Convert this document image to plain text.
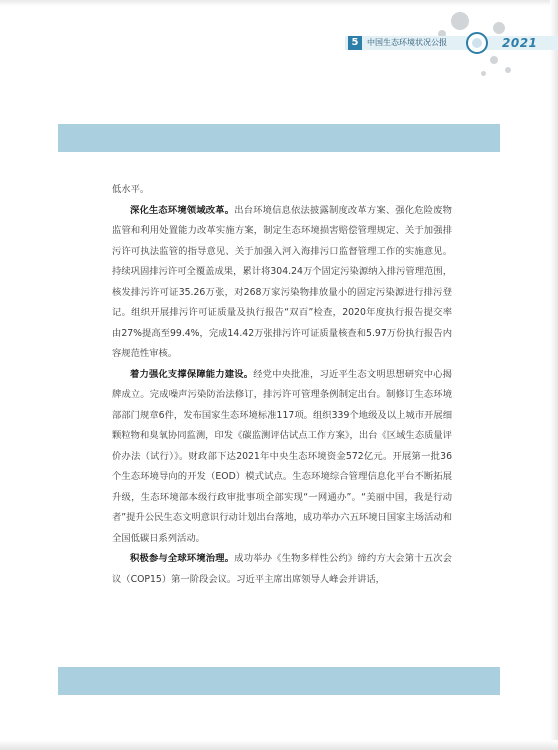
5	中国生态环境状况公报	2021

低水平。

深化生态环境领域改革。出台环境信息依法披露制度改革方案、强化危险废物监管和利用处置能力改革实施方案，制定生态环境损害赔偿管理规定、关于加强排污许可执法监管的指导意见、关于加强入河入海排污口监督管理工作的实施意见。持续巩固排污许可全覆盖成果，累计将304.24万个固定污染源纳入排污管理范围，核发排污许可证35.26万张，对268万家污染物排放量小的固定污染源进行排污登记。组织开展排污许可证质量及执行报告“双百”检查，2020年度执行报告提交率由27%提高至99.4%，完成14.42万张排污许可证质量核查和5.97万份执行报告内容规范性审核。

着力强化支撑保障能力建设。经党中央批准，习近平生态文明思想研究中心揭牌成立。完成噪声污染防治法修订，排污许可管理条例制定出台。制修订生态环境部部门规章6件，发布国家生态环境标准117项。组织339个地级及以上城市开展细颗粒物和臭氧协同监测，印发《碳监测评估试点工作方案》，出台《区域生态质量评价办法（试行）》。财政部下达2021年中央生态环境资金572亿元。开展第一批36个生态环境导向的开发（EOD）模式试点。生态环境综合管理信息化平台不断拓展升级，生态环境部本级行政审批事项全部实现“一网通办”。“美丽中国，我是行动者”提升公民生态文明意识行动计划出台落地，成功举办六五环境日国家主场活动和全国低碳日系列活动。

积极参与全球环境治理。成功举办《生物多样性公约》缔约方大会第十五次会议（COP15）第一阶段会议。习近平主席出席领导人峰会并讲话，
